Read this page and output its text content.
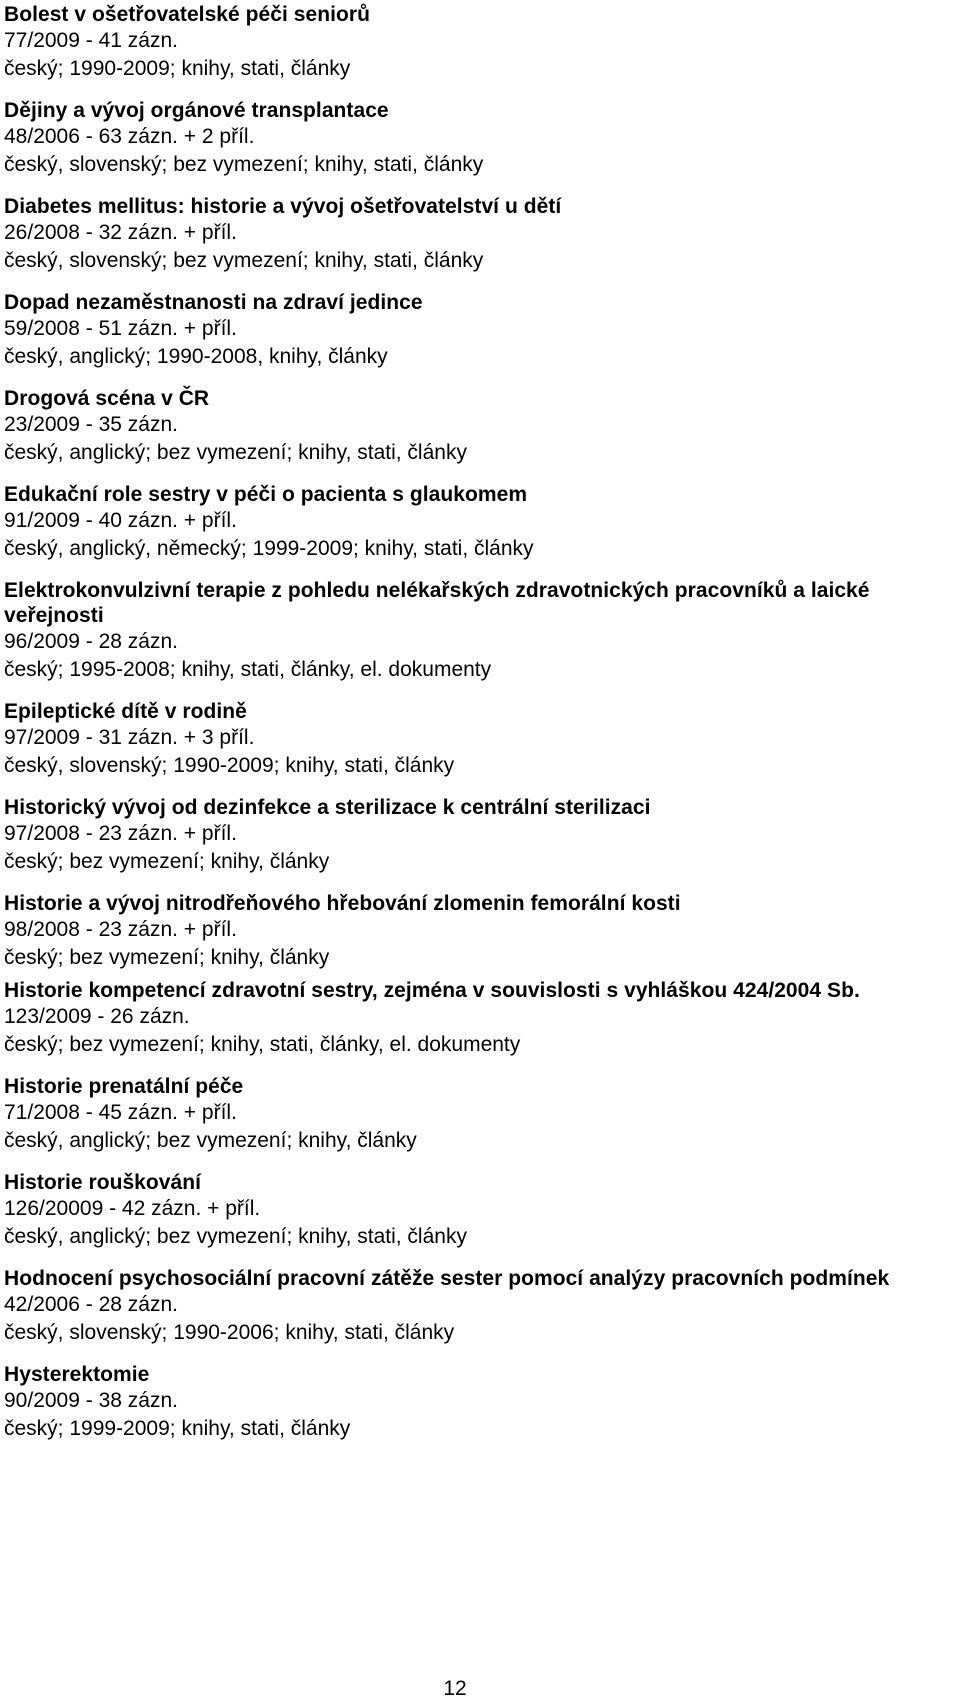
Bolest v ošetřovatelské péči seniorů
77/2009 - 41 zázn.
český; 1990-2009; knihy, stati, články
Dějiny a vývoj orgánové transplantace
48/2006 - 63 zázn. + 2 příl.
český, slovenský; bez vymezení; knihy, stati, články
Diabetes mellitus: historie a vývoj ošetřovatelství u dětí
26/2008 - 32 zázn. + příl.
český, slovenský; bez vymezení; knihy, stati, články
Dopad nezaměstnanosti na zdraví jedince
59/2008 - 51 zázn. + příl.
český, anglický; 1990-2008, knihy, články
Drogová scéna v ČR
23/2009 - 35 zázn.
český, anglický; bez vymezení; knihy, stati, články
Edukační role sestry v péči o pacienta s glaukomem
91/2009 - 40 zázn. + příl.
český, anglický, německý; 1999-2009; knihy, stati, články
Elektrokonvulzivní terapie z pohledu nelékařských zdravotnických pracovníků a laické veřejnosti
96/2009 - 28 zázn.
český; 1995-2008; knihy, stati, články, el. dokumenty
Epileptické dítě v rodině
97/2009 - 31 zázn. + 3 příl.
český, slovenský; 1990-2009; knihy, stati, články
Historický vývoj od dezinfekce a sterilizace k centrální sterilizaci
97/2008 - 23 zázn. + příl.
český; bez vymezení; knihy, články
Historie a vývoj nitrodřeňového hřebování zlomenin femorální kosti
98/2008 - 23 zázn. + příl.
český; bez vymezení; knihy, články
Historie kompetencí zdravotní sestry, zejména v souvislosti s vyhláškou 424/2004 Sb.
123/2009 - 26 zázn.
český; bez vymezení; knihy, stati, články, el. dokumenty
Historie prenatální péče
71/2008 - 45 zázn. + příl.
český, anglický; bez vymezení; knihy, články
Historie rouškování
126/20009 - 42 zázn. + příl.
český, anglický; bez vymezení; knihy, stati, články
Hodnocení psychosociální pracovní zátěže sester pomocí analýzy pracovních podmínek
42/2006 - 28 zázn.
český, slovenský; 1990-2006; knihy, stati, články
Hysterektomie
90/2009 - 38 zázn.
český; 1999-2009; knihy, stati, články
12
